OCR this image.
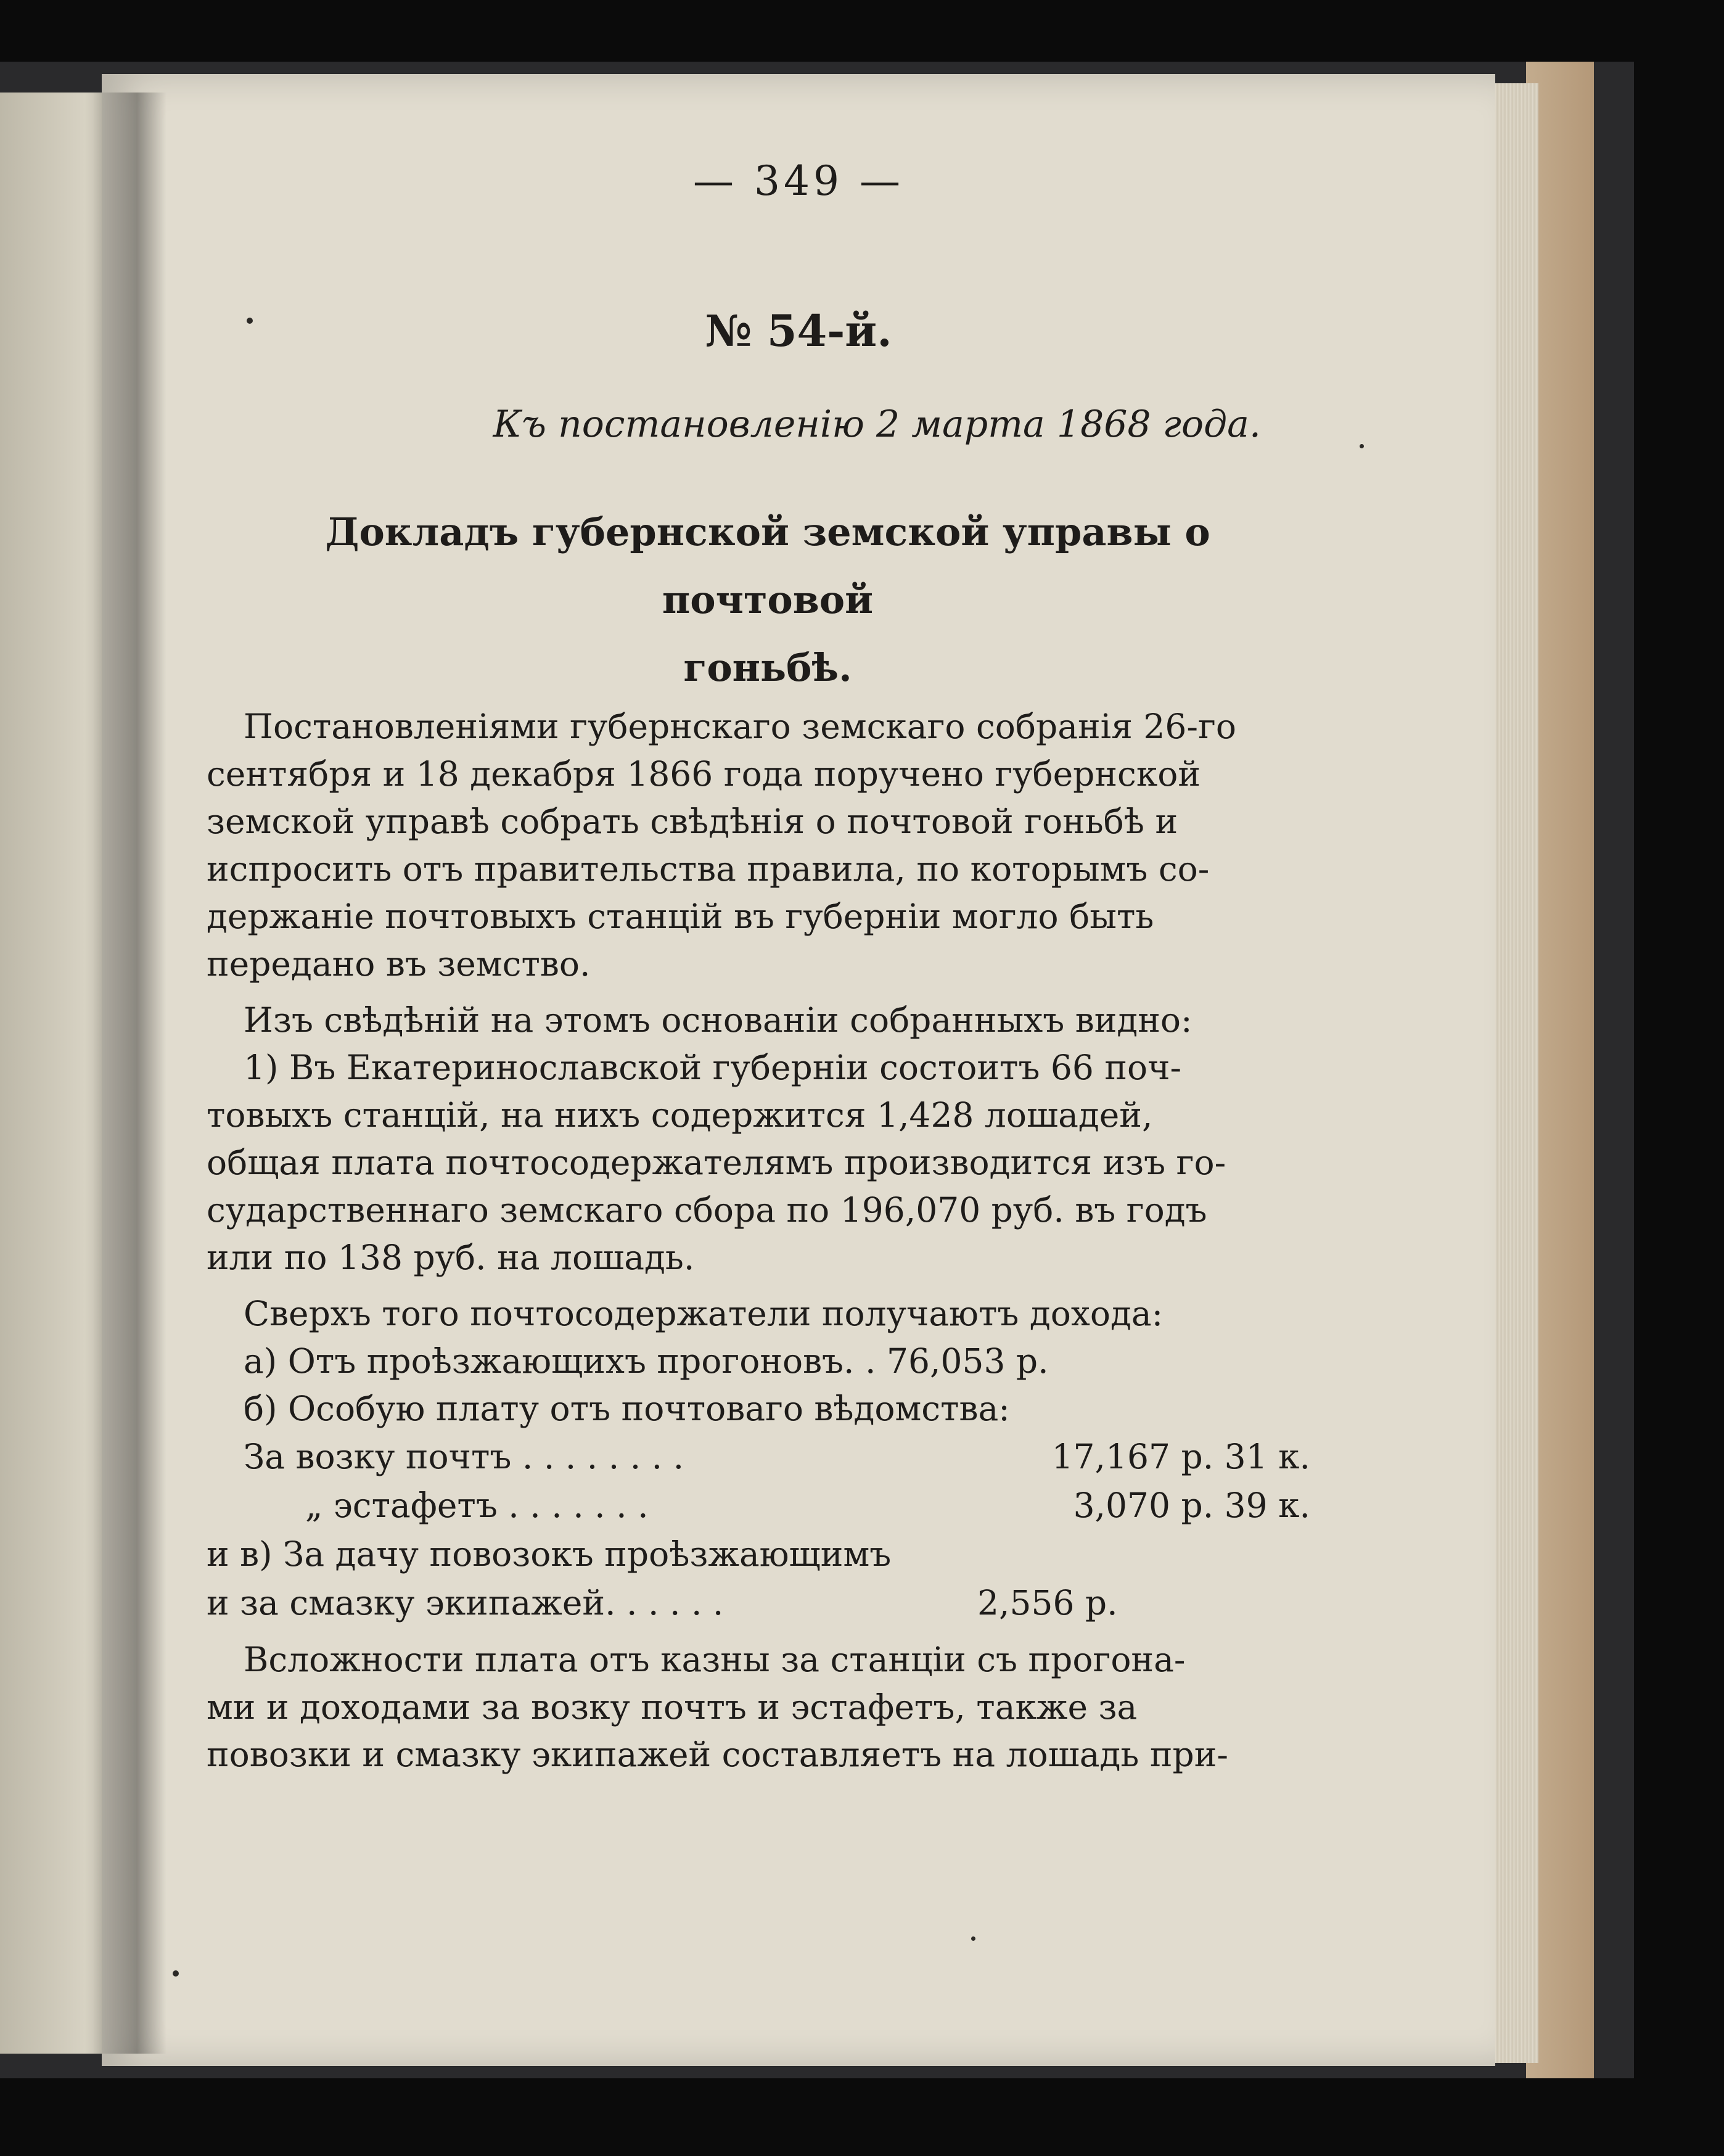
— 349 —
№ 54-й.
Къ постановленію 2 марта 1868 года.
Докладъ губернской земской управы о почтовой
гоньбѣ.
Постановленіями губернскаго земскаго собранія 26-го
сентября и 18 декабря 1866 года поручено губернской
земской управѣ собрать свѣдѣнія о почтовой гоньбѣ и
испросить отъ правительства правила, по которымъ со-
держаніе почтовыхъ станцій въ губерніи могло быть
передано въ земство.
Изъ свѣдѣній на этомъ основаніи собранныхъ видно:
1) Въ Екатеринославской губерніи состоитъ 66 поч-
товыхъ станцій, на нихъ содержится 1,428 лошадей,
общая плата почтосодержателямъ производится изъ го-
сударственнаго земскаго сбора по 196,070 руб. въ годъ
или по 138 руб. на лошадь.
Сверхъ того почтосодержатели получаютъ дохода:
а) Отъ проѣзжающихъ прогоновъ. . 76,053 р.
б) Особую плату отъ почтоваго вѣдомства:
За возку почтъ . . . . . . . .	17,167 р. 31 к.
„ эстафетъ . . . . . . .	3,070 р. 39 к.
и в) За дачу повозокъ проѣзжающимъ
и за смазку экипажей. . . . . .	2,556 р.
Вслoжности плата отъ казны за станціи съ прогона-
ми и доходами за возку почтъ и эстафетъ, также за
повозки и смазку экипажей составляетъ на лошадь при-
